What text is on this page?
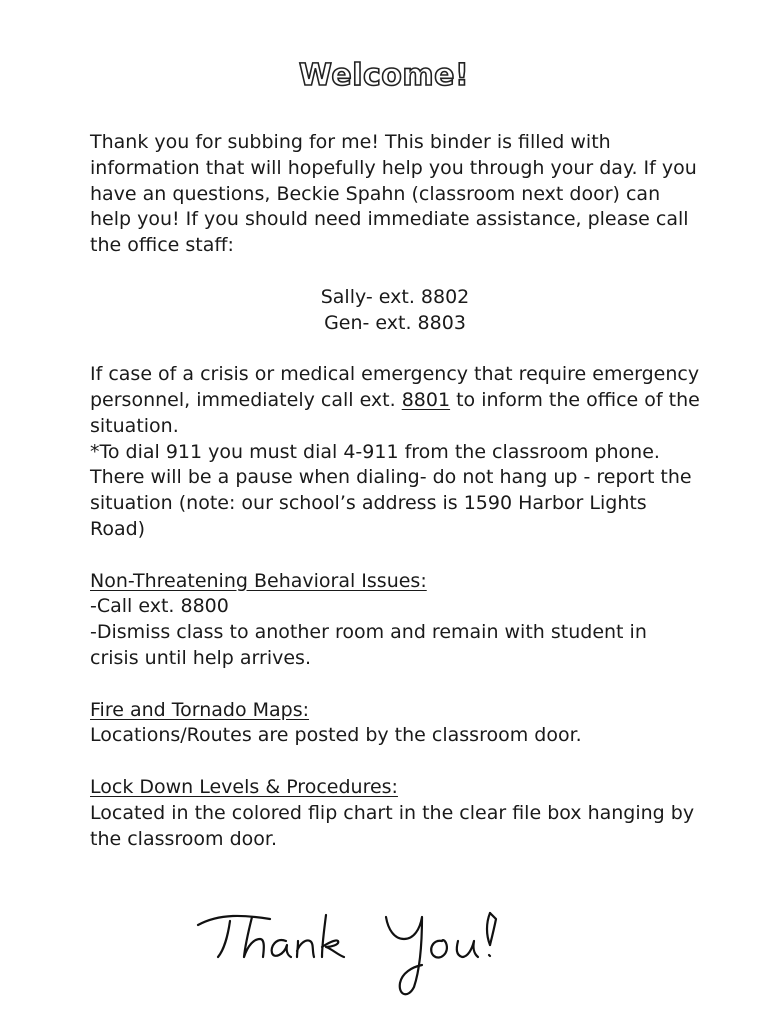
Welcome!

Thank you for subbing for me! This binder is filled with information that will hopefully help you through your day. If you have an questions, Beckie Spahn (classroom next door) can help you! If you should need immediate assistance, please call the office staff:

Sally- ext. 8802

Gen- ext. 8803

If case of a crisis or medical emergency that require emergency personnel, immediately call ext. 8801 to inform the office of the situation.

*To dial 911 you must dial 4-911 from the classroom phone. There will be a pause when dialing- do not hang up - report the situation (note: our school’s address is 1590 Harbor Lights Road)

Non-Threatening Behavioral Issues:

-Call ext. 8800

-Dismiss class to another room and remain with student in crisis until help arrives.

Fire and Tornado Maps:

Locations/Routes are posted by the classroom door.

Lock Down Levels & Procedures:

Located in the colored flip chart in the clear file box hanging by the classroom door.
